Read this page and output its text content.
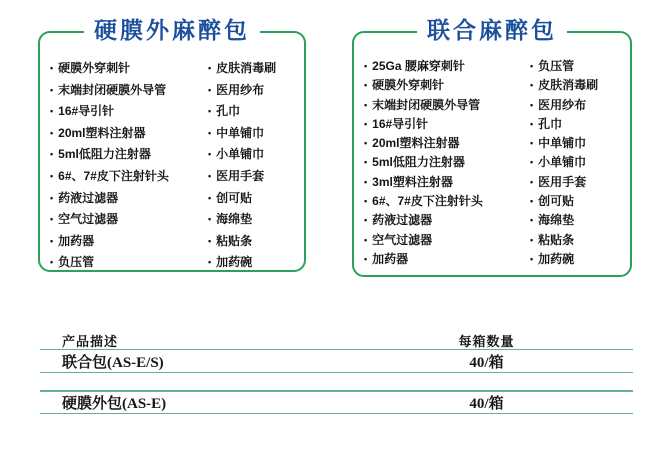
硬膜外麻醉包
• 硬膜外穿刺针
• 末端封闭硬膜外导管
• 16#导引针
• 20ml塑料注射器
• 5ml低阻力注射器
• 6#、7#皮下注射针头
• 药液过滤器
• 空气过滤器
• 加药器
• 负压管
• 皮肤消毒刷
• 医用纱布
• 孔巾
• 中单铺巾
• 小单铺巾
• 医用手套
• 创可贴
• 海绵垫
• 粘贴条
• 加药碗
联合麻醉包
• 25Ga 腰麻穿刺针
• 硬膜外穿刺针
• 末端封闭硬膜外导管
• 16#导引针
• 20ml塑料注射器
• 5ml低阻力注射器
• 3ml塑料注射器
• 6#、7#皮下注射针头
• 药液过滤器
• 空气过滤器
• 加药器
• 负压管
• 皮肤消毒刷
• 医用纱布
• 孔巾
• 中单铺巾
• 小单铺巾
• 医用手套
• 创可贴
• 海绵垫
• 粘贴条
• 加药碗
产品描述	每箱数量
联合包(AS-E/S)	40/箱
硬膜外包(AS-E)	40/箱
